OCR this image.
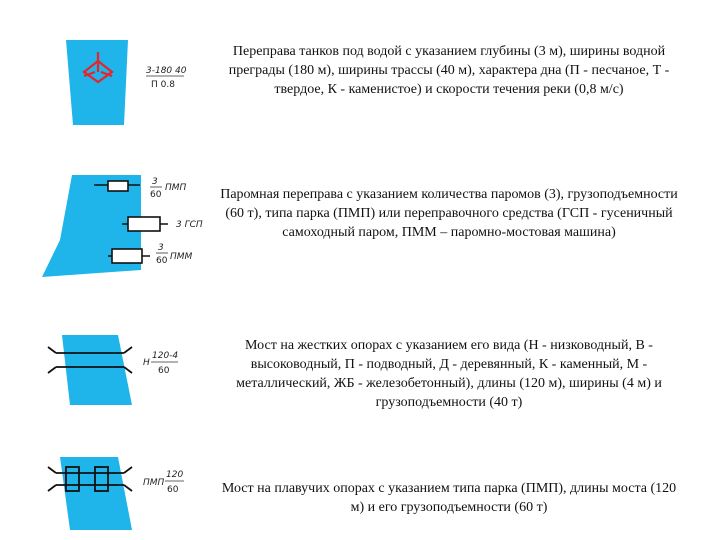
3-180 40
П 0.8
Переправа танков под водой с указанием глубины (3 м), ширины водной преграды (180 м), ширины трассы (40 м), характера дна (П - песчаное, Т - твердое, К - каменистое) и скорости течения реки (0,8 м/с)
3
60
ПМП
3 ГСП
3
60 ПММ
Паромная переправа с указанием количества паромов (3), грузоподъемности (60 т), типа парка (ПМП) или переправочного средства (ГСП - гусеничный самоходный паром, ПММ – паромно-мостовая машина)
Н
120-4
60
Мост на жестких опорах с указанием его вида (Н - низководный, В - высоководный, П - подводный, Д - деревянный, К - каменный, М - металлический, ЖБ - железобетонный), длины (120 м), ширины (4 м) и грузоподъемности (40 т)
ПМП
120
60	Мост на плавучих опорах с указанием типа парка (ПМП), длины моста (120 м) и его грузоподъемности (60 т)
